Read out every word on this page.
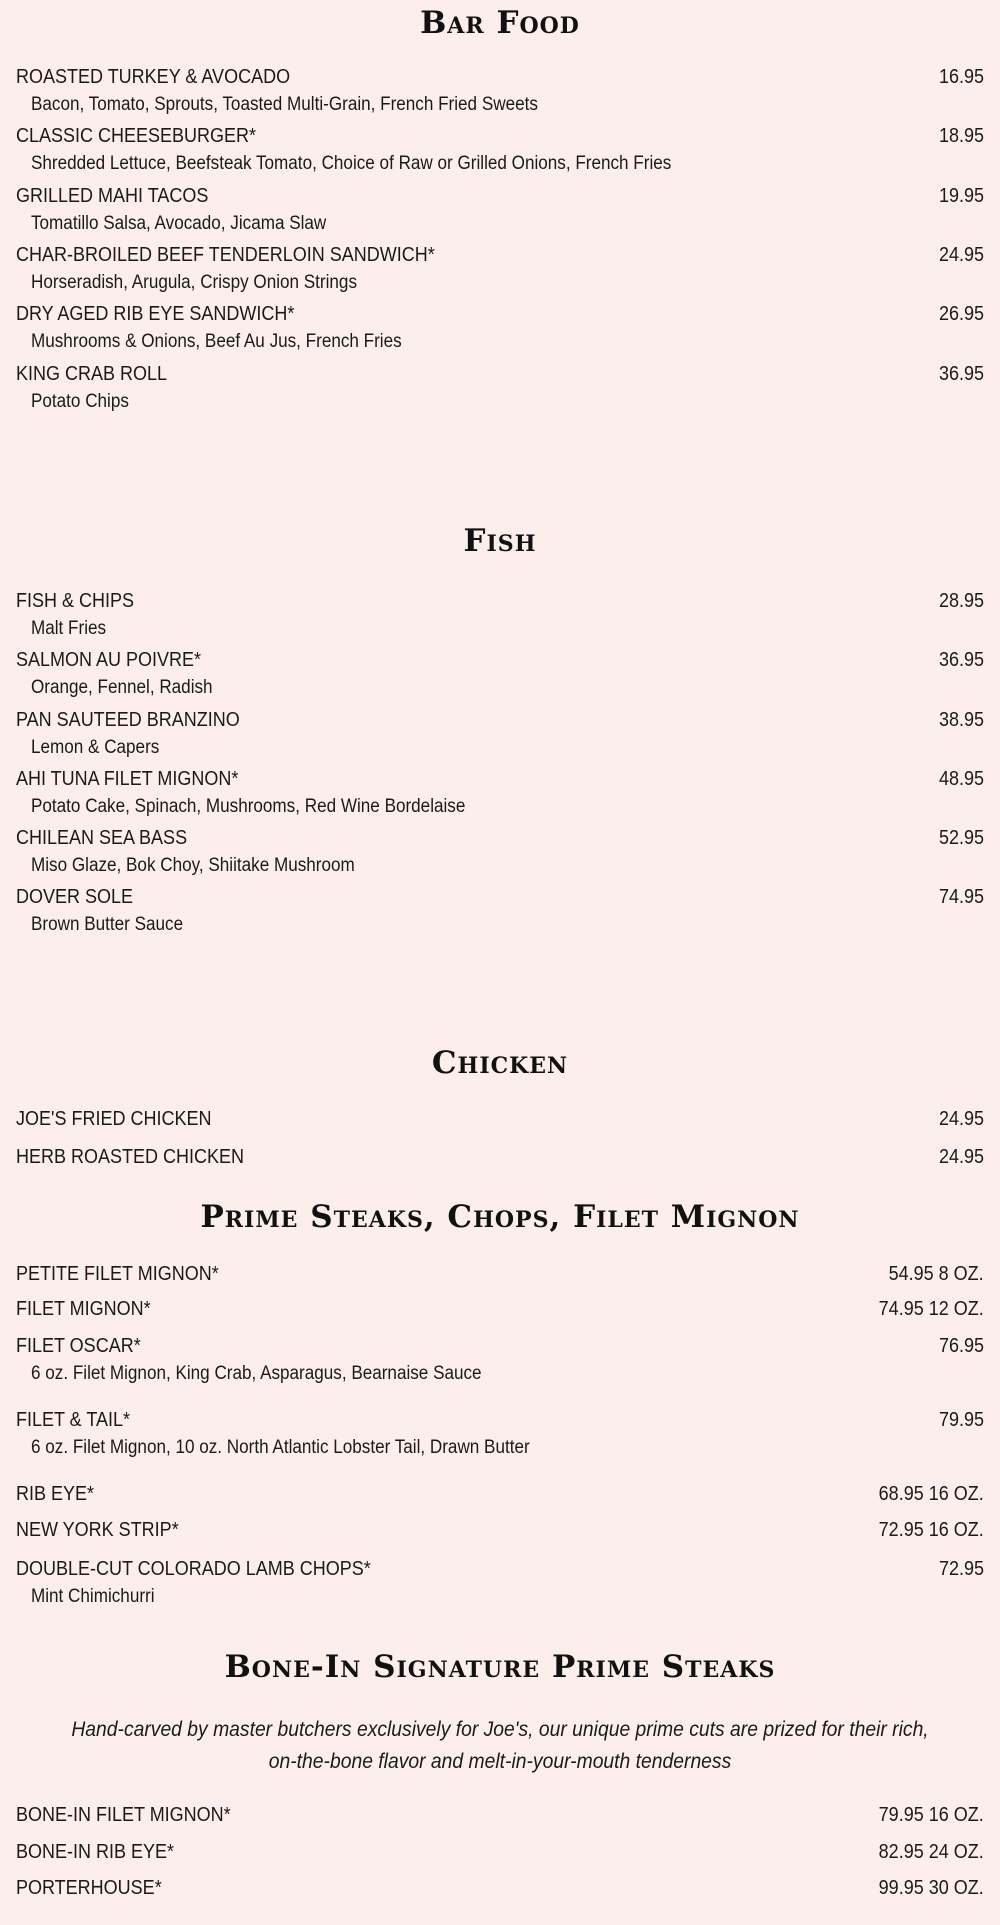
Bar Food
ROASTED TURKEY & AVOCADO	16.95
Bacon, Tomato, Sprouts, Toasted Multi-Grain, French Fried Sweets
CLASSIC CHEESEBURGER*	18.95
Shredded Lettuce, Beefsteak Tomato, Choice of Raw or Grilled Onions, French Fries
GRILLED MAHI TACOS	19.95
Tomatillo Salsa, Avocado, Jicama Slaw
CHAR-BROILED BEEF TENDERLOIN SANDWICH*	24.95
Horseradish, Arugula, Crispy Onion Strings
DRY AGED RIB EYE SANDWICH*	26.95
Mushrooms & Onions, Beef Au Jus, French Fries
KING CRAB ROLL	36.95
Potato Chips
Fish
FISH & CHIPS	28.95
Malt Fries
SALMON AU POIVRE*	36.95
Orange, Fennel, Radish
PAN SAUTEED BRANZINO	38.95
Lemon & Capers
AHI TUNA FILET MIGNON*	48.95
Potato Cake, Spinach, Mushrooms, Red Wine Bordelaise
CHILEAN SEA BASS	52.95
Miso Glaze, Bok Choy, Shiitake Mushroom
DOVER SOLE	74.95
Brown Butter Sauce
Chicken
JOE'S FRIED CHICKEN	24.95
HERB ROASTED CHICKEN	24.95
Prime Steaks, Chops, Filet Mignon
PETITE FILET MIGNON*	54.95 8 OZ.
FILET MIGNON*	74.95 12 OZ.
FILET OSCAR*	76.95
6 oz. Filet Mignon, King Crab, Asparagus, Bearnaise Sauce
FILET & TAIL*	79.95
6 oz. Filet Mignon, 10 oz. North Atlantic Lobster Tail, Drawn Butter
RIB EYE*	68.95 16 OZ.
NEW YORK STRIP*	72.95 16 OZ.
DOUBLE-CUT COLORADO LAMB CHOPS*	72.95
Mint Chimichurri
Bone-In Signature Prime Steaks
Hand-carved by master butchers exclusively for Joe's, our unique prime cuts are prized for their rich,
on-the-bone flavor and melt-in-your-mouth tenderness
BONE-IN FILET MIGNON*	79.95 16 OZ.
BONE-IN RIB EYE*	82.95 24 OZ.
PORTERHOUSE*	99.95 30 OZ.
